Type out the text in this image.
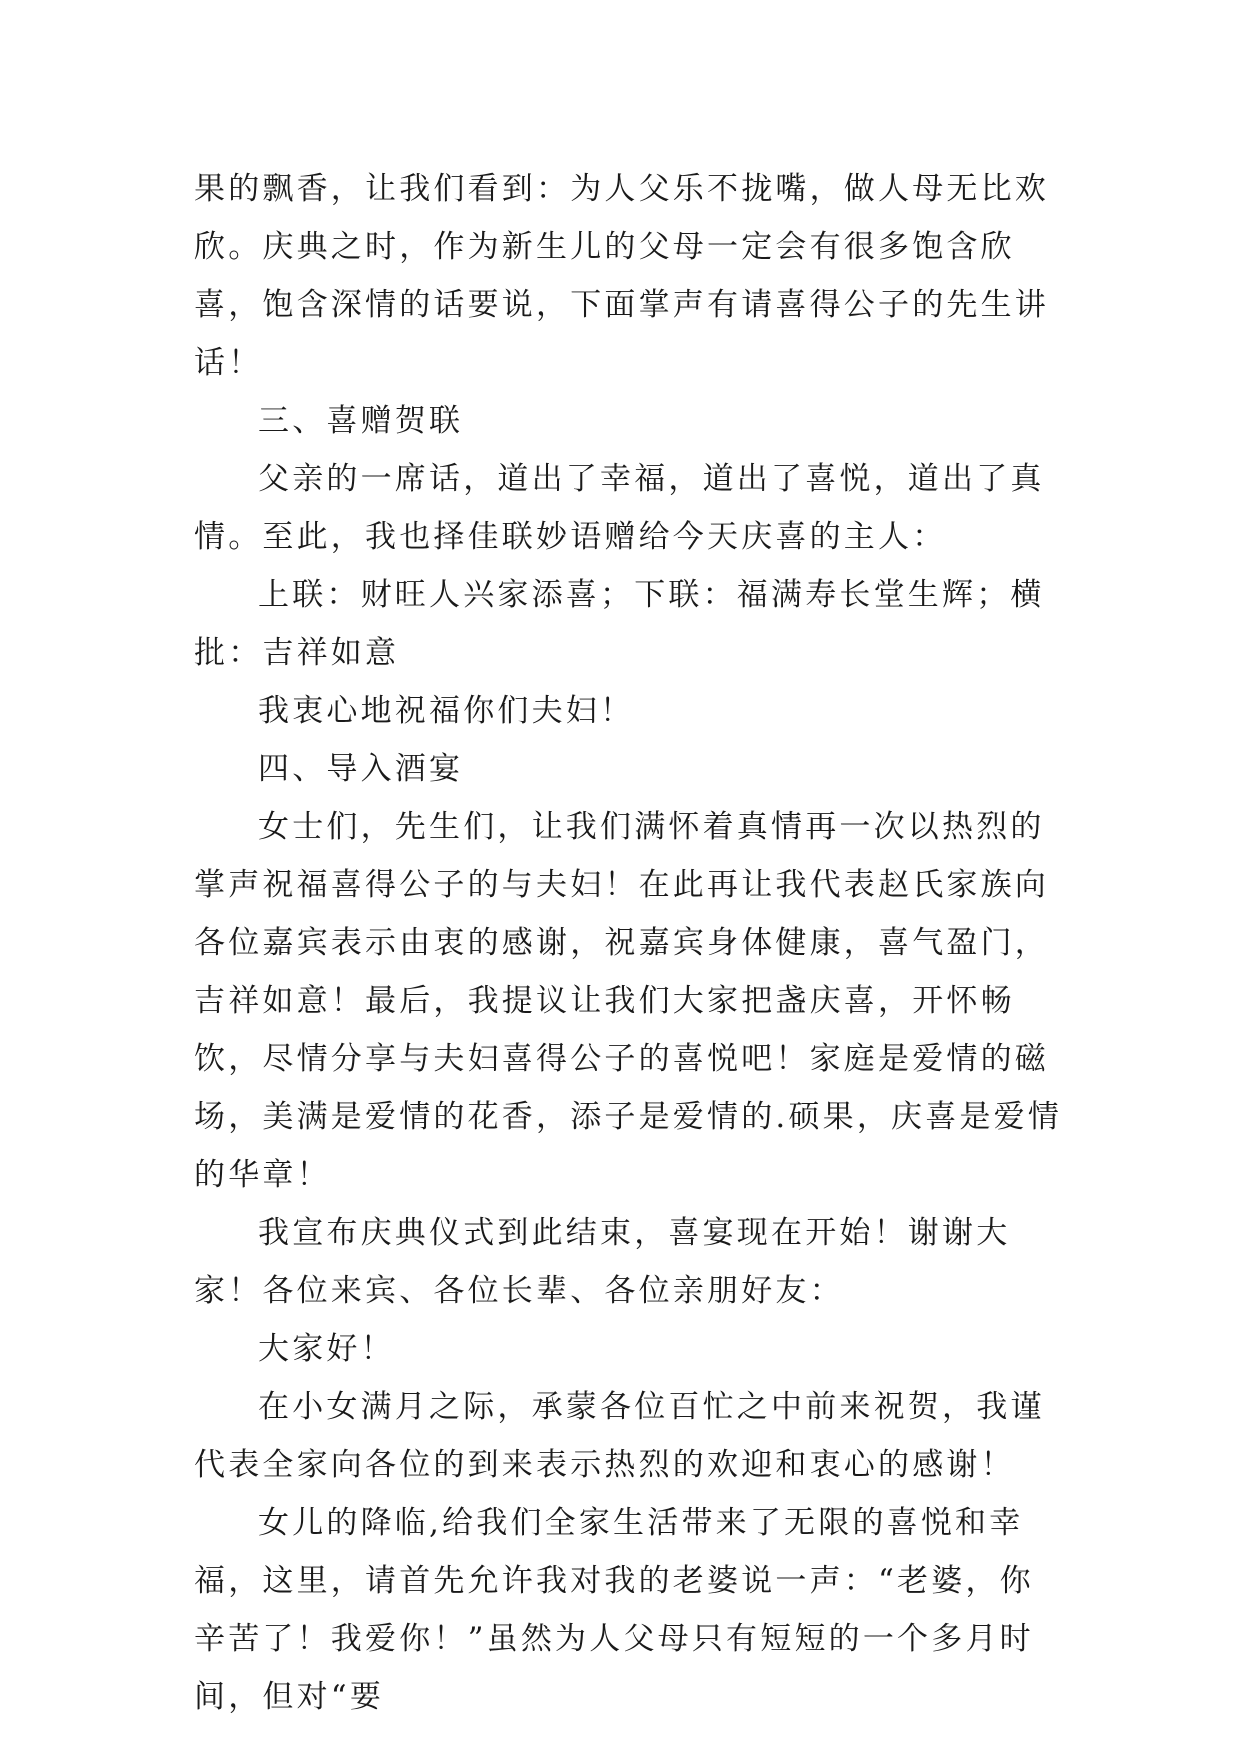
果的飘香，让我们看到：为人父乐不拢嘴，做人母无比欢欣。庆典之时，作为新生儿的父母一定会有很多饱含欣喜，饱含深情的话要说，下面掌声有请喜得公子的先生讲话！

三、喜赠贺联

父亲的一席话，道出了幸福，道出了喜悦，道出了真情。至此，我也择佳联妙语赠给今天庆喜的主人：

上联：财旺人兴家添喜；下联：福满寿长堂生辉；横批：吉祥如意

我衷心地祝福你们夫妇！

四、导入酒宴

女士们，先生们，让我们满怀着真情再一次以热烈的掌声祝福喜得公子的与夫妇！在此再让我代表赵氏家族向各位嘉宾表示由衷的感谢，祝嘉宾身体健康，喜气盈门，吉祥如意！最后，我提议让我们大家把盏庆喜，开怀畅饮，尽情分享与夫妇喜得公子的喜悦吧！家庭是爱情的磁场，美满是爱情的花香，添子是爱情的.硕果，庆喜是爱情的华章！

我宣布庆典仪式到此结束，喜宴现在开始！谢谢大家！各位来宾、各位长辈、各位亲朋好友：

大家好！

在小女满月之际，承蒙各位百忙之中前来祝贺，我谨代表全家向各位的到来表示热烈的欢迎和衷心的感谢！

女儿的降临,给我们全家生活带来了无限的喜悦和幸福，这里，请首先允许我对我的老婆说一声：“老婆，你辛苦了！我爱你！”虽然为人父母只有短短的一个多月时间，但对“要
